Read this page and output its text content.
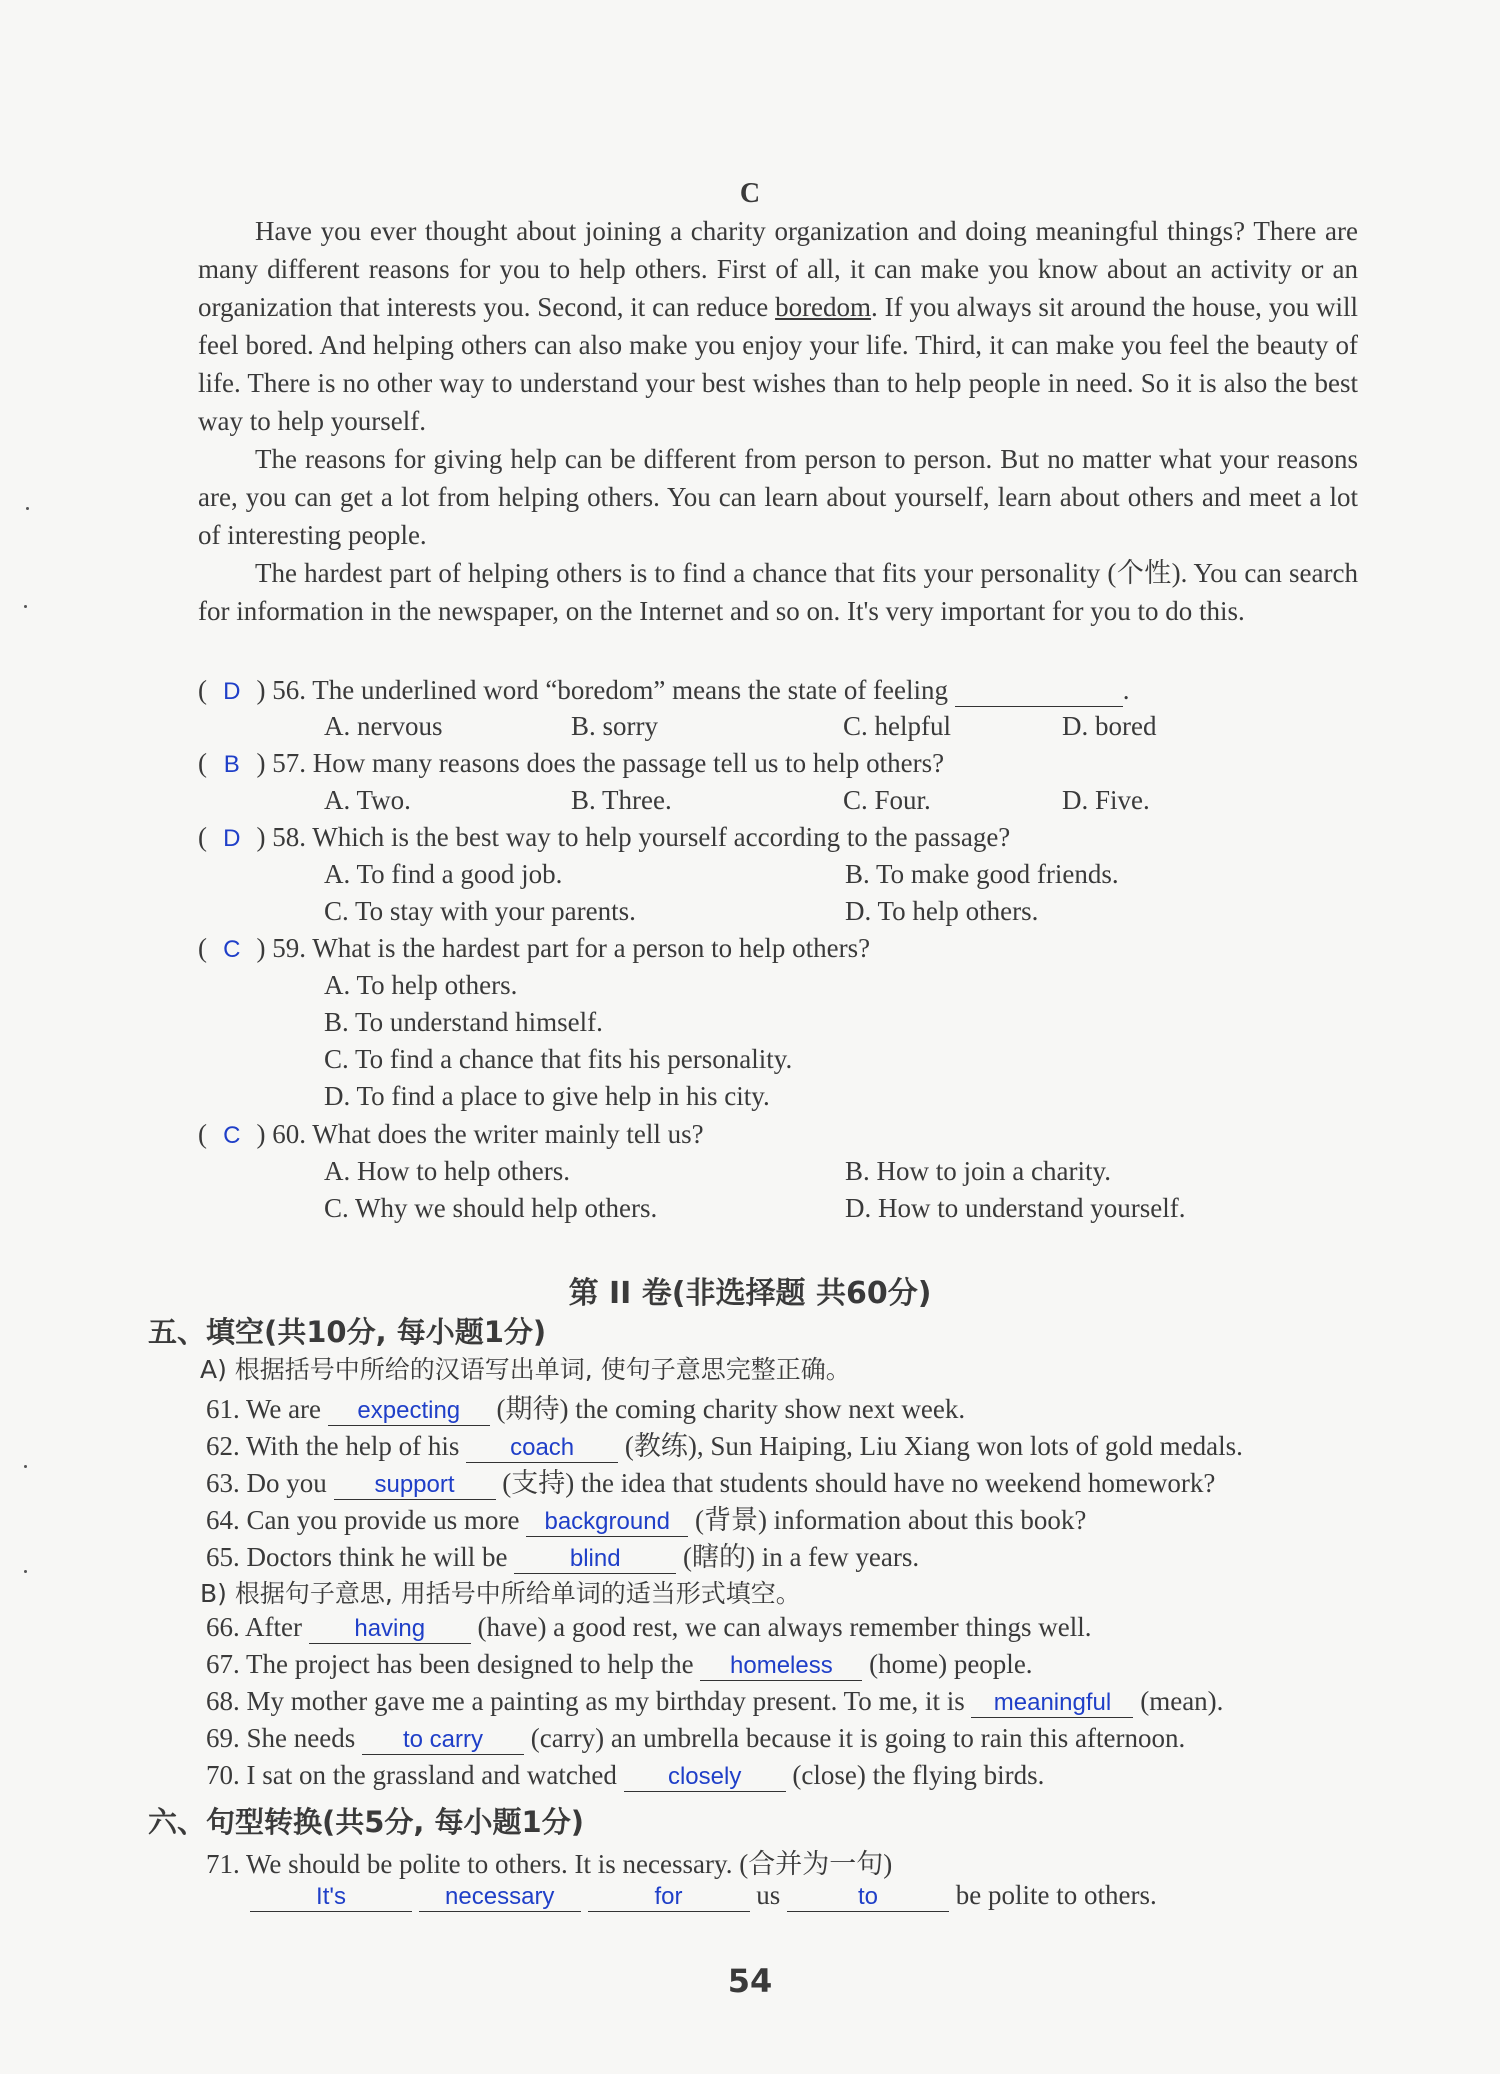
C

Have you ever thought about joining a charity organization and doing meaningful things? There are many different reasons for you to help others. First of all, it can make you know about an activity or an organization that interests you. Second, it can reduce boredom. If you always sit around the house, you will feel bored. And helping others can also make you enjoy your life. Third, it can make you feel the beauty of life. There is no other way to understand your best wishes than to help people in need. So it is also the best way to help yourself.

The reasons for giving help can be different from person to person. But no matter what your reasons are, you can get a lot from helping others. You can learn about yourself, learn about others and meet a lot of interesting people.

The hardest part of helping others is to find a chance that fits your personality (个性). You can search for information in the newspaper, on the Internet and so on. It's very important for you to do this.

( D ) 56. The underlined word “boredom” means the state of feeling	.
A. nervous	B. sorry	C. helpful	D. bored
( B ) 57. How many reasons does the passage tell us to help others?
A. Two.	B. Three.	C. Four.	D. Five.
( D ) 58. Which is the best way to help yourself according to the passage?
A. To find a good job.	B. To make good friends.
C. To stay with your parents.	D. To help others.
( C ) 59. What is the hardest part for a person to help others?
A. To help others.
B. To understand himself.
C. To find a chance that fits his personality.
D. To find a place to give help in his city.
( C ) 60. What does the writer mainly tell us?
A. How to help others.	B. How to join a charity.
C. Why we should help others.	D. How to understand yourself.
第 II 卷(非选择题 共60分)
五、填空(共10分, 每小题1分)
A) 根据括号中所给的汉语写出单词, 使句子意思完整正确。
61. We are expecting (期待) the coming charity show next week.
62. With the help of his coach (教练), Sun Haiping, Liu Xiang won lots of gold medals.
63. Do you support (支持) the idea that students should have no weekend homework?
64. Can you provide us more background (背景) information about this book?
65. Doctors think he will be blind (瞎的) in a few years.
B) 根据句子意思, 用括号中所给单词的适当形式填空。
66. After having (have) a good rest, we can always remember things well.
67. The project has been designed to help the homeless (home) people.
68. My mother gave me a painting as my birthday present. To me, it is meaningful (mean).
69. She needs to carry (carry) an umbrella because it is going to rain this afternoon.
70. I sat on the grassland and watched closely (close) the flying birds.
六、句型转换(共5分, 每小题1分)
71. We should be polite to others. It is necessary. (合并为一句)
It's	necessary	for	us	to	be polite to others.
54
